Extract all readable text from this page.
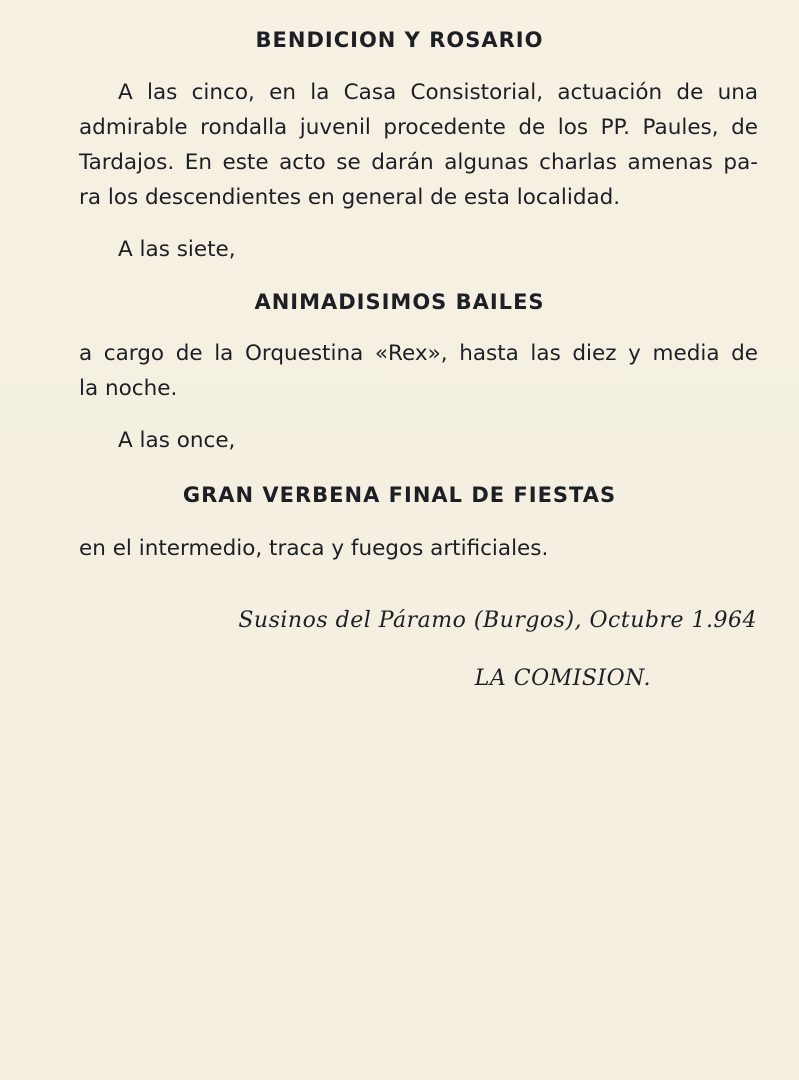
BENDICION Y ROSARIO
A las cinco, en la Casa Consistorial, actuación de una
admirable rondalla juvenil procedente de los PP. Paules, de
Tardajos. En este acto se darán algunas charlas amenas pa-
ra los descendientes en general de esta localidad.
A las siete,
ANIMADISIMOS BAILES
a cargo de la Orquestina «Rex», hasta las diez y media de
la noche.
A las once,
GRAN VERBENA FINAL DE FIESTAS
en el intermedio, traca y fuegos artificiales.
Susinos del Páramo (Burgos), Octubre 1.964
LA COMISION.
